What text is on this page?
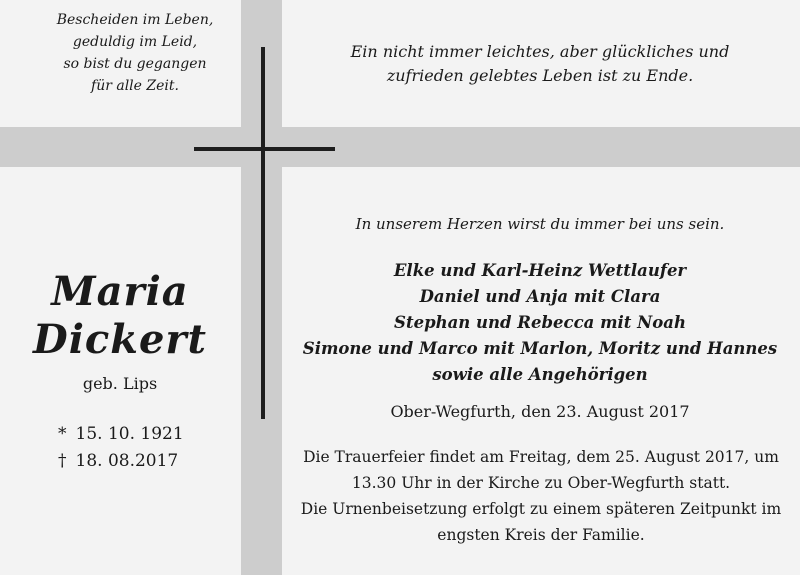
Bescheiden im Leben,
geduldig im Leid,
so bist du gegangen
für alle Zeit.
Ein nicht immer leichtes, aber glückliches und
zufrieden gelebtes Leben ist zu Ende.
Maria
Dickert
geb. Lips
* 15. 10. 1921
† 18. 08.2017
In unserem Herzen wirst du immer bei uns sein.
Elke und Karl-Heinz Wettlaufer
Daniel und Anja mit Clara
Stephan und Rebecca mit Noah
Simone und Marco mit Marlon, Moritz und Hannes
sowie alle Angehörigen
Ober-Wegfurth, den 23. August 2017
Die Trauerfeier findet am Freitag, dem 25. August 2017, um
13.30 Uhr in der Kirche zu Ober-Wegfurth statt.
Die Urnenbeisetzung erfolgt zu einem späteren Zeitpunkt im
engsten Kreis der Familie.
